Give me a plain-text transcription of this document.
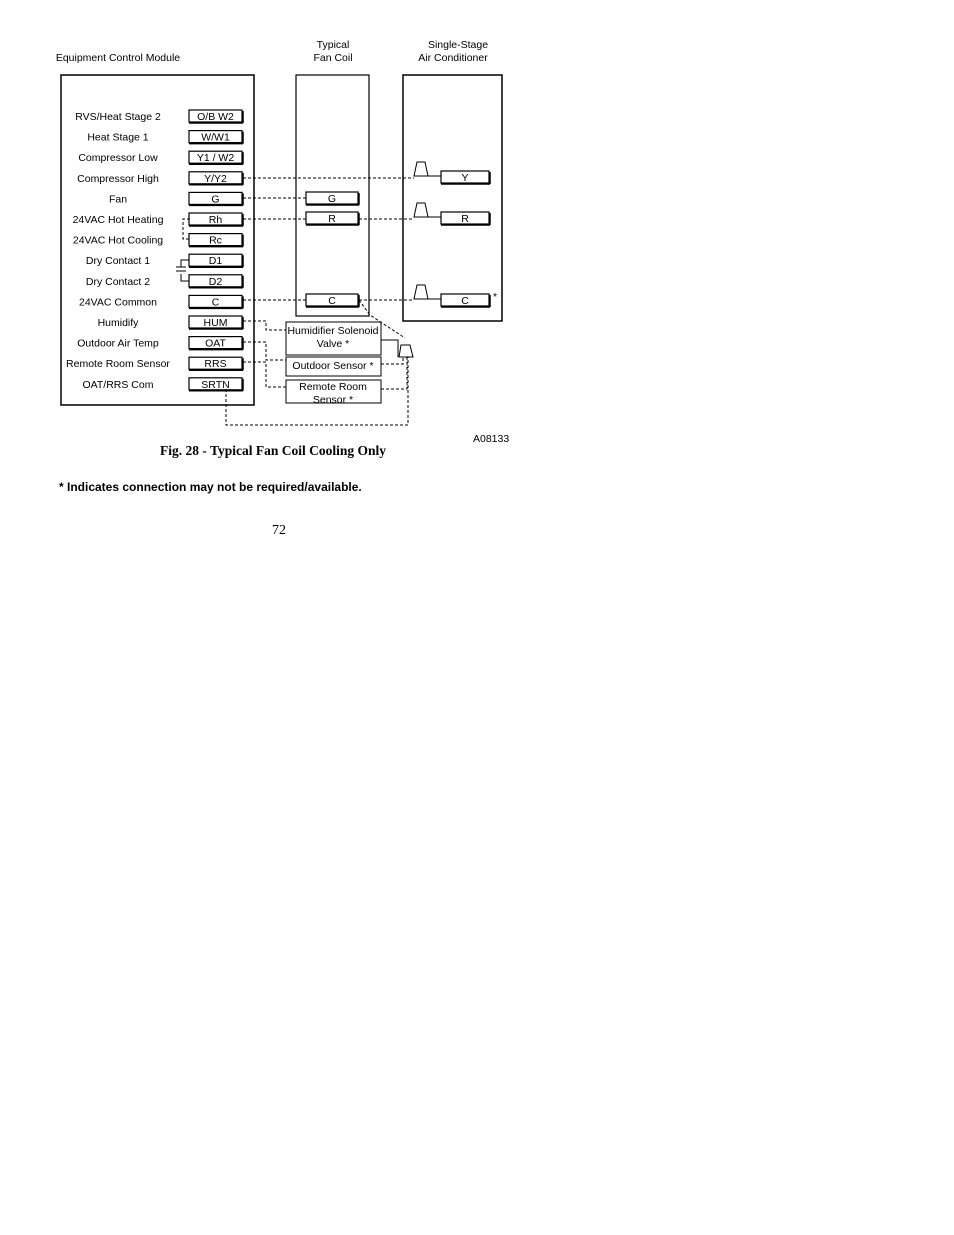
Equipment Control Module
Typical
Fan Coil
Single-Stage
Air Conditioner
RVS/Heat Stage 2	O/B W2
Heat Stage 1	W/W1
Compressor Low	Y1 / W2
Compressor High	Y/Y2
Fan	G
24VAC Hot Heating	Rh
24VAC Hot Cooling	Rc
Dry Contact 1	D1
Dry Contact 2	D2
24VAC Common	C
Humidify	HUM
Outdoor Air Temp	OAT
Remote Room Sensor	RRS
OAT/RRS Com	SRTN
G
R
C
Y
R
C *
Humidifier Solenoid
Valve *
Outdoor Sensor *
Remote Room
Sensor *
A08133

Fig. 28 - Typical Fan Coil Cooling Only

* Indicates connection may not be required/available.

72
